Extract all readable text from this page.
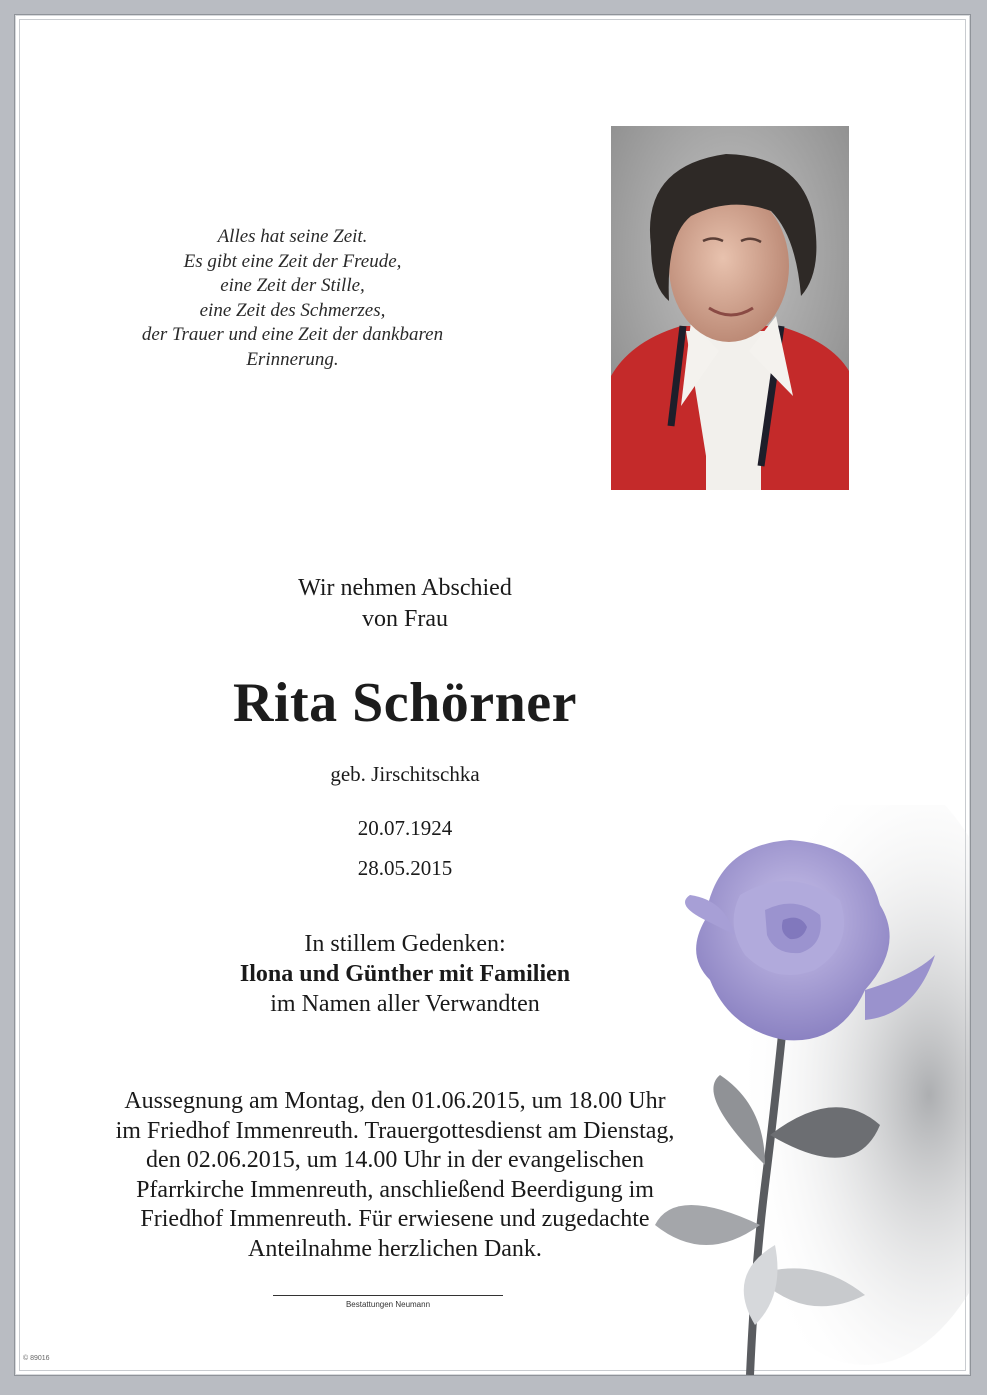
Alles hat seine Zeit.
Es gibt eine Zeit der Freude,
eine Zeit der Stille,
eine Zeit des Schmerzes,
der Trauer und eine Zeit der dankbaren
Erinnerung.
Wir nehmen Abschied
von Frau
Rita Schörner
geb. Jirschitschka
20.07.1924
28.05.2015
In stillem Gedenken:
Ilona und Günther mit Familien
im Namen aller Verwandten
Aussegnung am Montag, den 01.06.2015, um 18.00 Uhr
im Friedhof Immenreuth. Trauergottesdienst am Dienstag,
den 02.06.2015, um 14.00 Uhr in der evangelischen
Pfarrkirche Immenreuth, anschließend Beerdigung im
Friedhof Immenreuth. Für erwiesene und zugedachte
Anteilnahme herzlichen Dank.
Bestattungen Neumann
© 89016
